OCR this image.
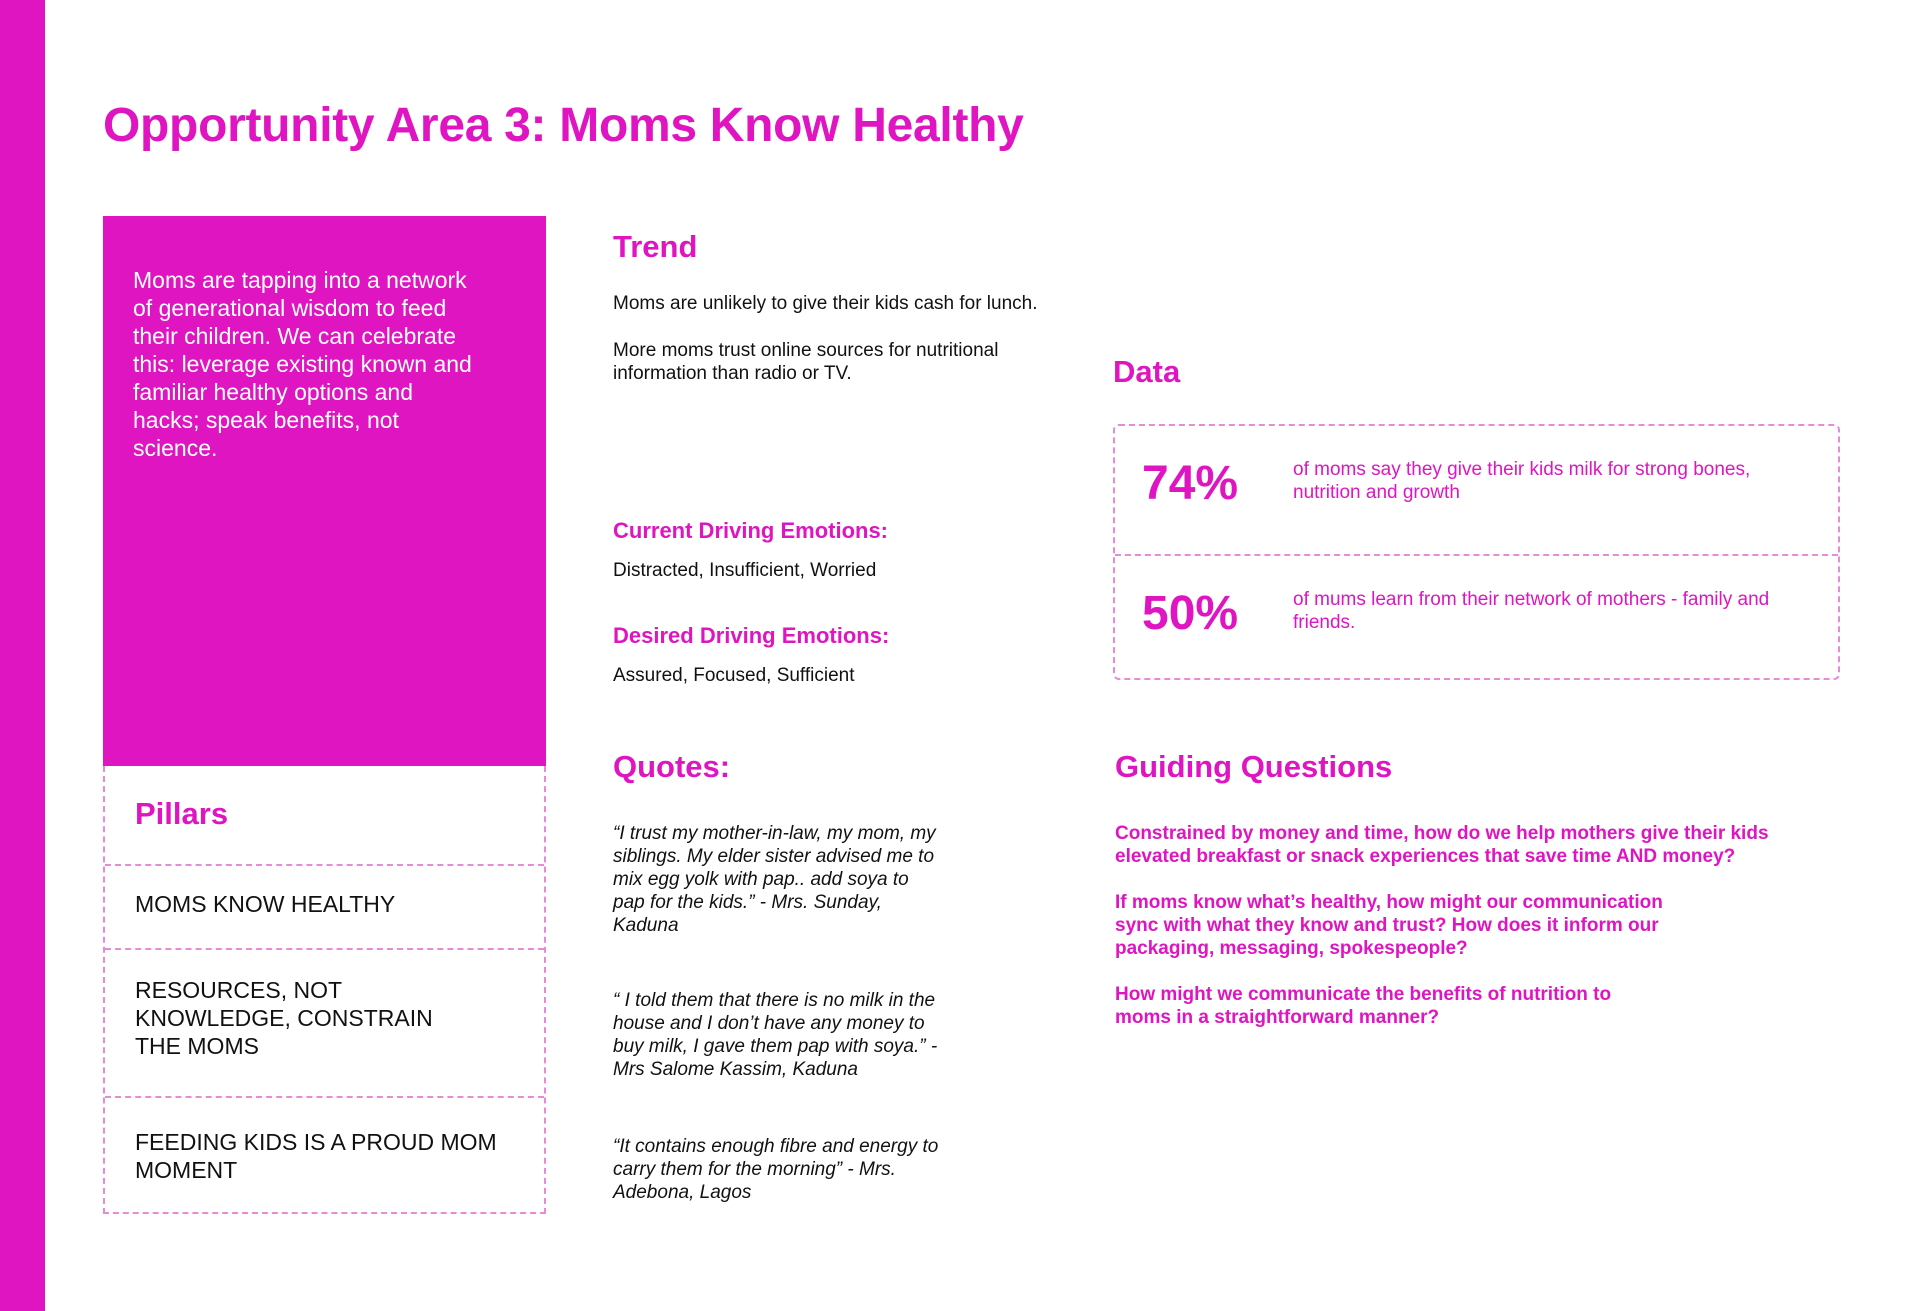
Opportunity Area 3: Moms Know Healthy

Moms are tapping into a network of generational wisdom to feed their children. We can celebrate this: leverage existing known and familiar healthy options and hacks; speak benefits, not science.

Pillars
MOMS KNOW HEALTHY
RESOURCES, NOT KNOWLEDGE, CONSTRAIN THE MOMS
FEEDING KIDS IS A PROUD MOM MOMENT
Trend

Moms are unlikely to give their kids cash for lunch.

More moms trust online sources for nutritional information than radio or TV.

Current Driving Emotions:

Distracted, Insufficient, Worried

Desired Driving Emotions:

Assured, Focused, Sufficient

Quotes:

“I trust my mother-in-law, my mom, my siblings. My elder sister advised me to mix egg yolk with pap.. add soya to pap for the kids.” - Mrs. Sunday, Kaduna

“ I told them that there is no milk in the house and I don’t have any money to buy milk, I gave them pap with soya.” - Mrs Salome Kassim, Kaduna

“It contains enough fibre and energy to carry them for the morning” - Mrs. Adebona, Lagos

Data
74%	of moms say they give their kids milk for strong bones, nutrition and growth
50%	of mums learn from their network of mothers - family and friends.
Guiding Questions

Constrained by money and time, how do we help mothers give their kids elevated breakfast or snack experiences that save time AND money?

If moms know what’s healthy, how might our communication sync with what they know and trust? How does it inform our packaging, messaging, spokespeople?

How might we communicate the benefits of nutrition to moms in a straightforward manner?
